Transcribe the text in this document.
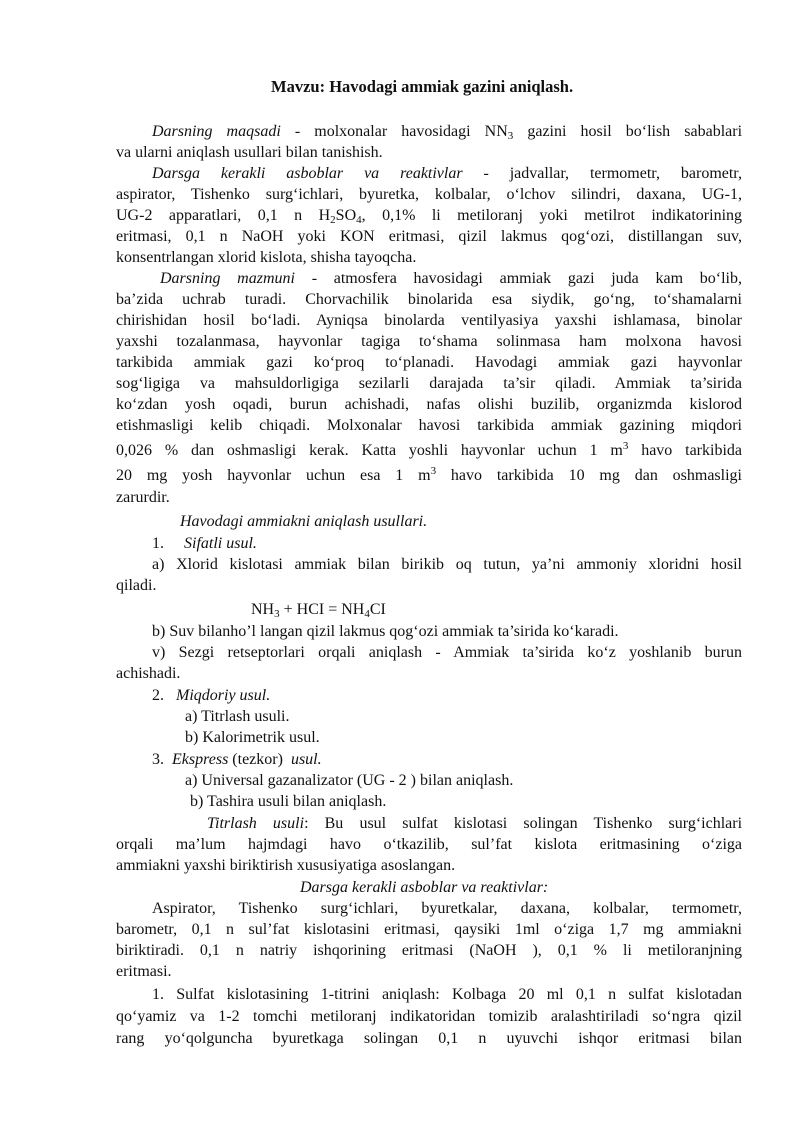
Mavzu: Havodagi ammiak gazini aniqlash.
Darsning maqsadi - molxonalar havosidagi $NN_3$ gazini hosil bo‘lish sabablari
va ularni aniqlash usullari bilan tanishish.
Darsga kerakli asboblar va reaktivlar - jadvallar, termometr, barometr,
aspirator, Tishenko surg‘ichlari, byuretka, kolbalar, o‘lchov silindri, daxana, UG-1,
UG-2 apparatlari, 0,1 n $H_2SO_4$, 0,1% li metiloranj yoki metilrot indikatorining
eritmasi, 0,1 n NaOH yoki KON eritmasi, qizil lakmus qog‘ozi, distillangan suv,
konsentrlangan xlorid kislota, shisha tayoqcha.
Darsning mazmuni - atmosfera havosidagi ammiak gazi juda kam bo‘lib,
ba’zida uchrab turadi. Chorvachilik binolarida esa siydik, go‘ng, to‘shamalarni
chirishidan hosil bo‘ladi. Ayniqsa binolarda ventilyasiya yaxshi ishlamasa, binolar
yaxshi tozalanmasa, hayvonlar tagiga to‘shama solinmasa ham molxona havosi
tarkibida ammiak gazi ko‘proq to‘planadi. Havodagi ammiak gazi hayvonlar
sog‘ligiga va mahsuldorligiga sezilarli darajada ta’sir qiladi. Ammiak ta’sirida
ko‘zdan yosh oqadi, burun achishadi, nafas olishi buzilib, organizmda kislorod
etishmasligi kelib chiqadi. Molxonalar havosi tarkibida ammiak gazining miqdori
0,026 % dan oshmasligi kerak. Katta yoshli hayvonlar uchun 1 $m^3$ havo tarkibida
20 mg yosh hayvonlar uchun esa 1 $m^3$ havo tarkibida 10 mg dan oshmasligi
zarurdir.
Havodagi ammiakni aniqlash usullari.
1.     Sifatli usul.
a) Xlorid kislotasi ammiak bilan birikib oq tutun, ya’ni ammoniy xloridni hosil
qiladi.
$NH_3$ + HCI = $NH_4CI$
b) Suv bilanho’l langan qizil lakmus qog‘ozi ammiak ta’sirida ko‘karadi.
v) Sezgi retseptorlari orqali aniqlash - Ammiak ta’sirida ko‘z yoshlanib burun
achishadi.
2.   Miqdoriy usul.
a) Titrlash usuli.
b) Kalorimetrik usul.
3.  Ekspress (tezkor)  usul.
a) Universal gazanalizator (UG - 2 ) bilan aniqlash.
b) Tashira usuli bilan aniqlash.
Titrlash usuli: Bu usul sulfat kislotasi solingan Tishenko surg‘ichlari
orqali ma’lum hajmdagi havo o‘tkazilib, sul’fat kislota eritmasining o‘ziga
ammiakni yaxshi biriktirish xususiyatiga asoslangan.
Darsga kerakli asboblar va reaktivlar:
Aspirator, Tishenko surg‘ichlari, byuretkalar, daxana, kolbalar, termometr,
barometr, 0,1 n sul’fat kislotasini eritmasi, qaysiki 1ml o‘ziga 1,7 mg ammiakni
biriktiradi. 0,1 n natriy ishqorining eritmasi (NaOH ), 0,1 % li metiloranjning
eritmasi.
1. Sulfat kislotasining 1-titrini aniqlash: Kolbaga 20 ml 0,1 n sulfat kislotadan
qo‘yamiz va 1-2 tomchi metiloranj indikatoridan tomizib aralashtiriladi so‘ngra qizil
rang yo‘qolguncha byuretkaga solingan 0,1 n uyuvchi ishqor eritmasi bilan
